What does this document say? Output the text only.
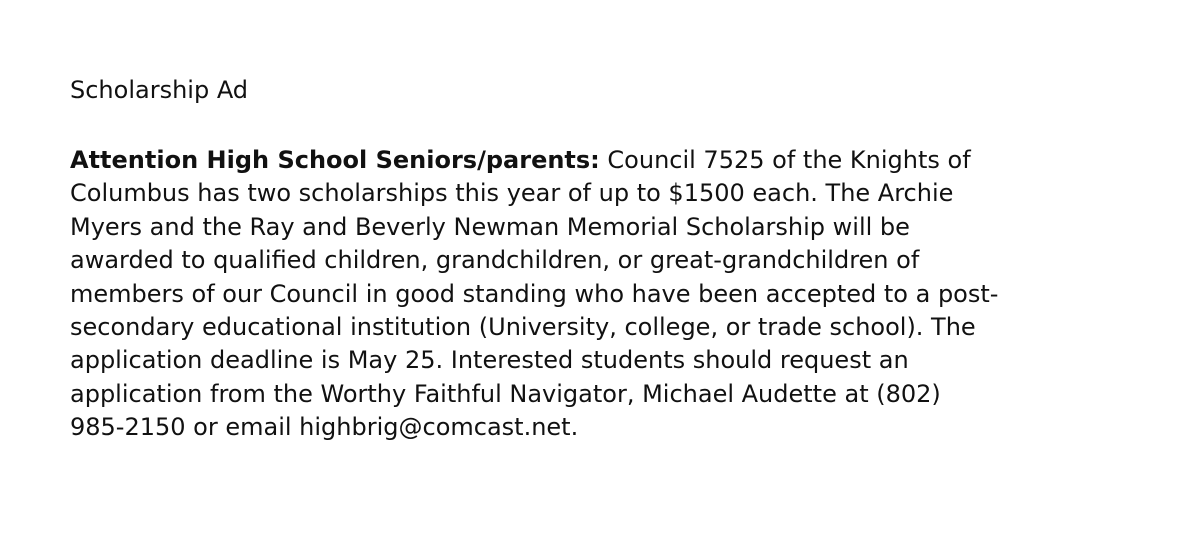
Scholarship Ad

Attention High School Seniors/parents: Council 7525 of the Knights of
Columbus has two scholarships this year of up to $1500 each. The Archie
Myers and the Ray and Beverly Newman Memorial Scholarship will be
awarded to qualified children, grandchildren, or great-grandchildren of
members of our Council in good standing who have been accepted to a post-
secondary educational institution (University, college, or trade school). The
application deadline is May 25. Interested students should request an
application from the Worthy Faithful Navigator, Michael Audette at (802)
985-2150 or email highbrig@comcast.net.
